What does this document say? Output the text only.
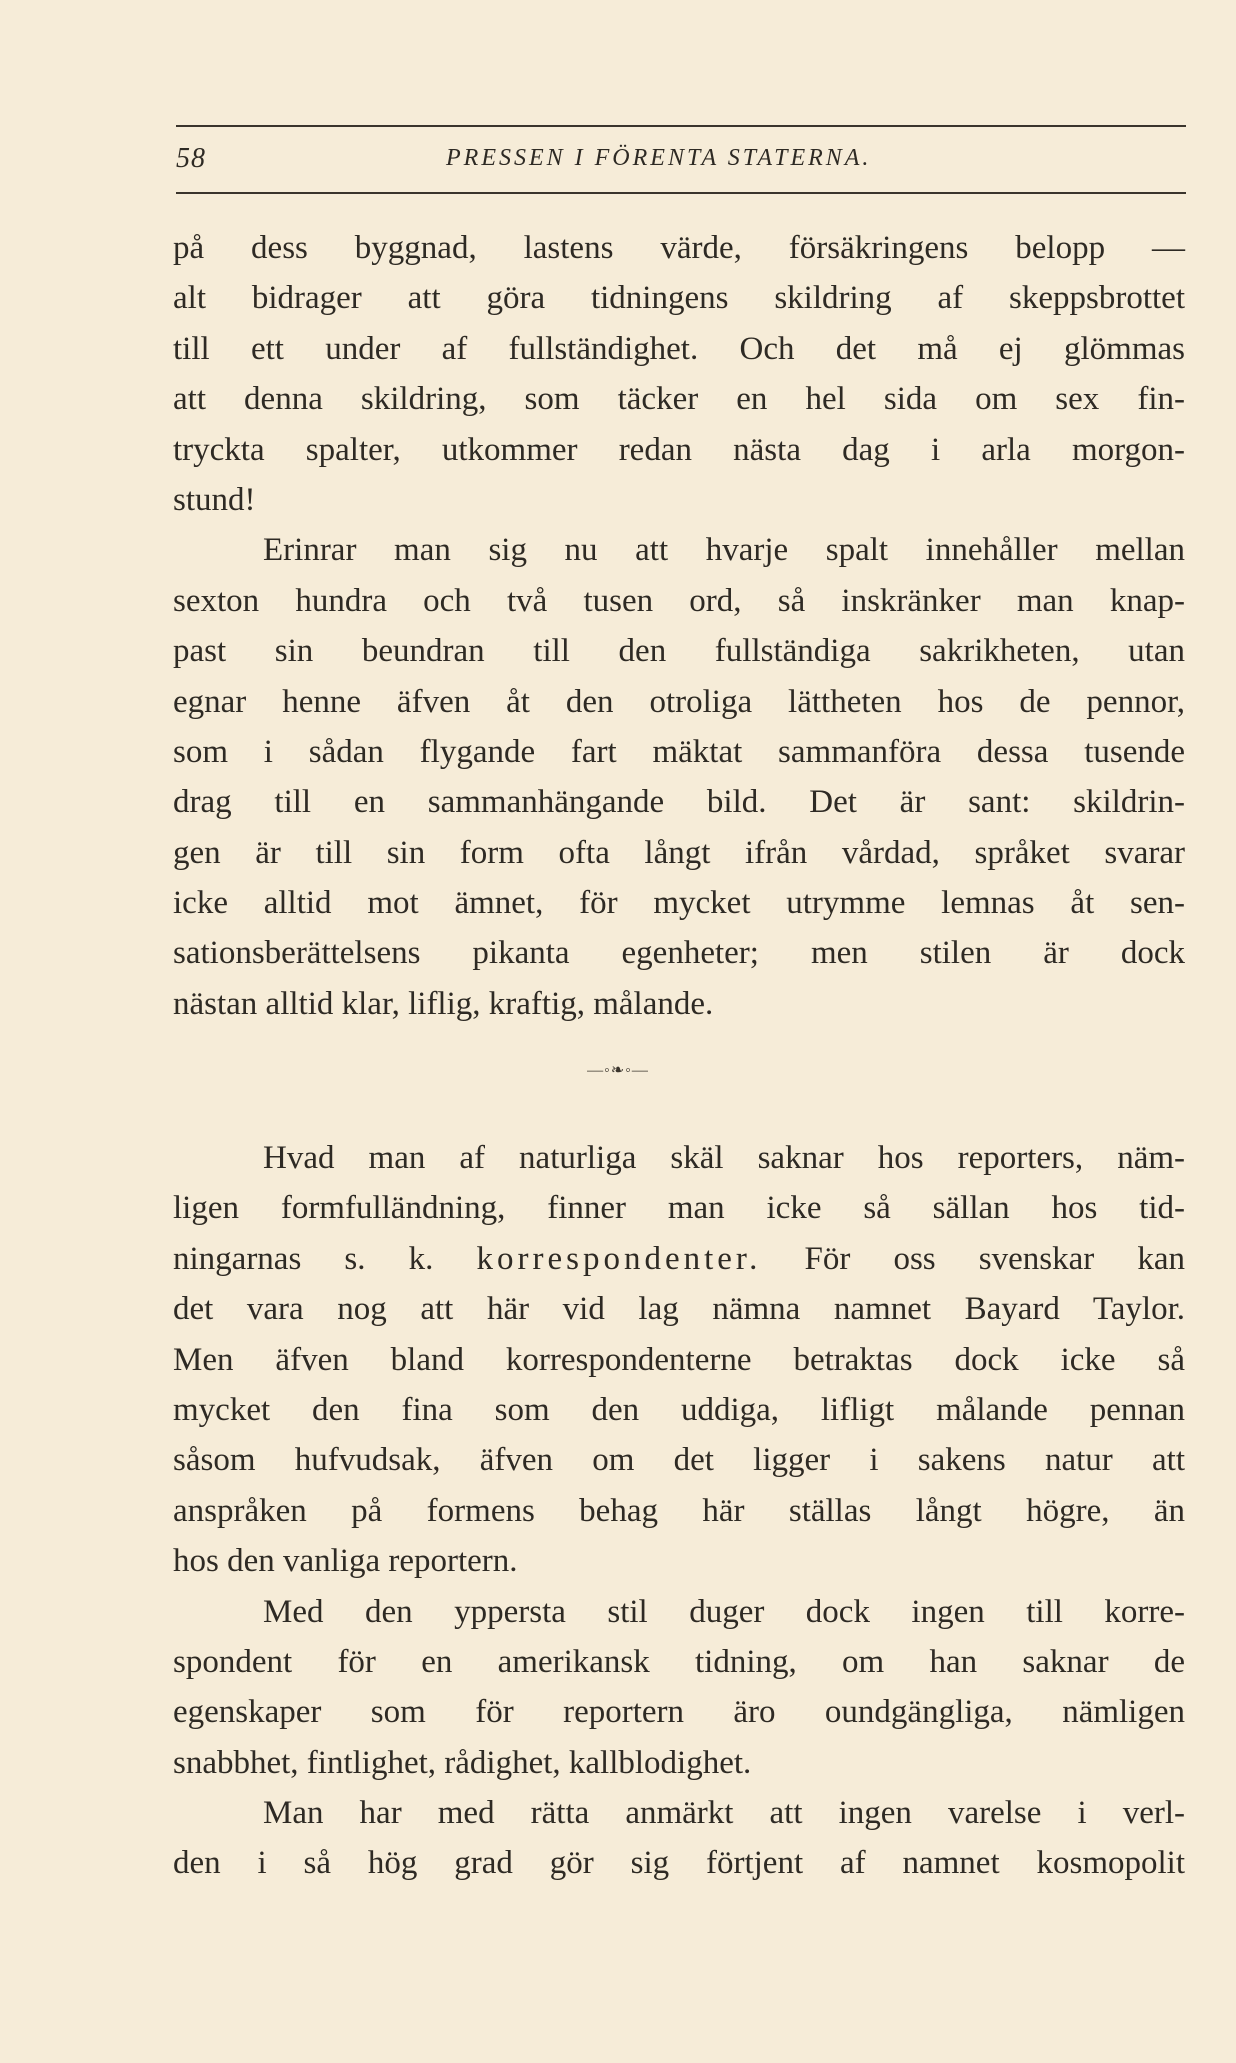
58	PRESSEN I FÖRENTA STATERNA.
på dess byggnad, lastens värde, försäkringens belopp —
alt bidrager att göra tidningens skildring af skeppsbrottet
till ett under af fullständighet. Och det må ej glömmas
att denna skildring, som täcker en hel sida om sex fin-
tryckta spalter, utkommer redan nästa dag i arla morgon-
stund!
Erinrar man sig nu att hvarje spalt innehåller mellan
sexton hundra och två tusen ord, så inskränker man knap-
past sin beundran till den fullständiga sakrikheten, utan
egnar henne äfven åt den otroliga lättheten hos de pennor,
som i sådan flygande fart mäktat sammanföra dessa tusende
drag till en sammanhängande bild. Det är sant: skildrin-
gen är till sin form ofta långt ifrån vårdad, språket svarar
icke alltid mot ämnet, för mycket utrymme lemnas åt sen-
sationsberättelsens pikanta egenheter; men stilen är dock
nästan alltid klar, liflig, kraftig, målande.
—◦❧◦—
Hvad man af naturliga skäl saknar hos reporters, näm-
ligen formfulländning, finner man icke så sällan hos tid-
ningarnas s. k. korrespondenter. För oss svenskar kan
det vara nog att här vid lag nämna namnet Bayard Taylor.
Men äfven bland korrespondenterne betraktas dock icke så
mycket den fina som den uddiga, lifligt målande pennan
såsom hufvudsak, äfven om det ligger i sakens natur att
anspråken på formens behag här ställas långt högre, än
hos den vanliga reportern.
Med den yppersta stil duger dock ingen till korre-
spondent för en amerikansk tidning, om han saknar de
egenskaper som för reportern äro oundgängliga, nämligen
snabbhet, fintlighet, rådighet, kallblodighet.
Man har med rätta anmärkt att ingen varelse i verl-
den i så hög grad gör sig förtjent af namnet kosmopolit
